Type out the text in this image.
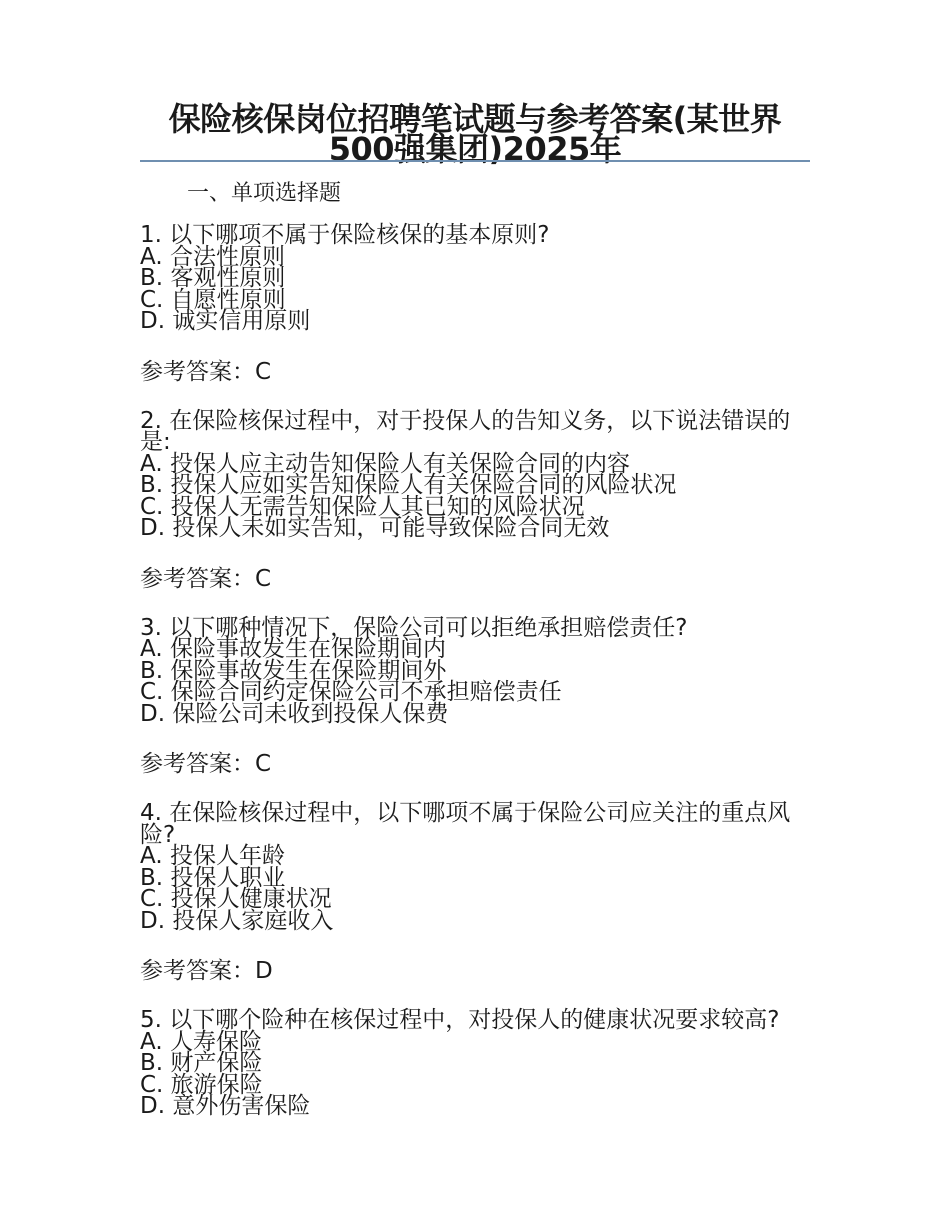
保险核保岗位招聘笔试题与参考答案(某世界500强集团)2025年
一、单项选择题

1. 以下哪项不属于保险核保的基本原则?

A. 合法性原则

B. 客观性原则

C. 自愿性原则

D. 诚实信用原则

参考答案：C

2. 在保险核保过程中，对于投保人的告知义务，以下说法错误的是:

A. 投保人应主动告知保险人有关保险合同的内容

B. 投保人应如实告知保险人有关保险合同的风险状况

C. 投保人无需告知保险人其已知的风险状况

D. 投保人未如实告知，可能导致保险合同无效

参考答案：C

3. 以下哪种情况下，保险公司可以拒绝承担赔偿责任?

A. 保险事故发生在保险期间内

B. 保险事故发生在保险期间外

C. 保险合同约定保险公司不承担赔偿责任

D. 保险公司未收到投保人保费

参考答案：C

4. 在保险核保过程中，以下哪项不属于保险公司应关注的重点风险?

A. 投保人年龄

B. 投保人职业

C. 投保人健康状况

D. 投保人家庭收入

参考答案：D

5. 以下哪个险种在核保过程中，对投保人的健康状况要求较高?

A. 人寿保险

B. 财产保险

C. 旅游保险

D. 意外伤害保险
